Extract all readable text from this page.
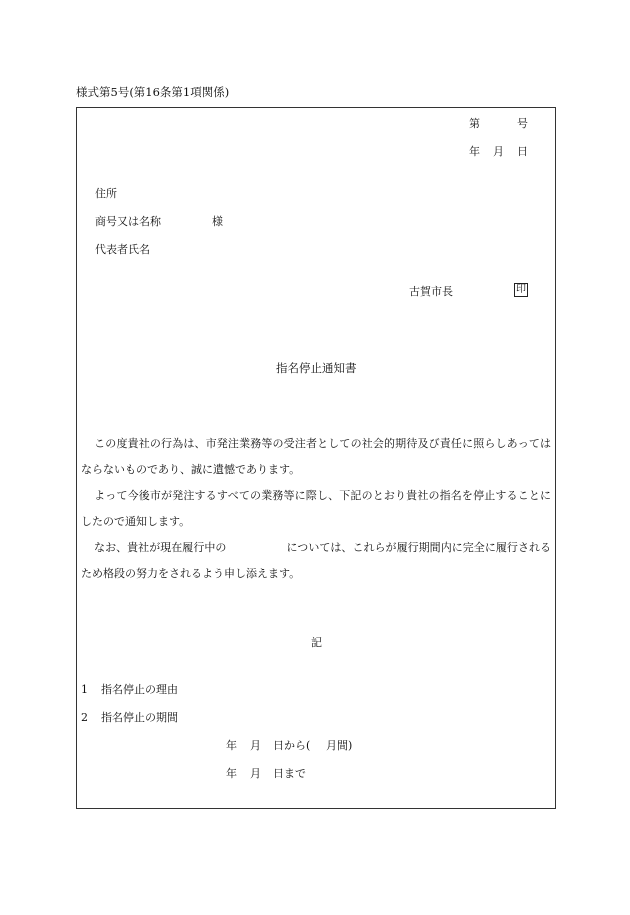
様式第5号(第16条第1項関係)
第	号
年 月 日
住所
商号又は名称	様
代表者氏名
古賀市長	印
指名停止通知書

この度貴社の行為は、市発注業務等の受注者としての社会的期待及び責任に照らしあってはならないものであり、誠に遺憾であります。

よって今後市が発注するすべての業務等に際し、下記のとおり貴社の指名を停止することにしたので通知します。

なお、貴社が現在履行中の	については、これらが履行期間内に完全に履行されるため格段の努力をされるよう申し添えます。

記
1 指名停止の理由
2 指名停止の期間
年 月 日から( 月間)
年 月 日まで
